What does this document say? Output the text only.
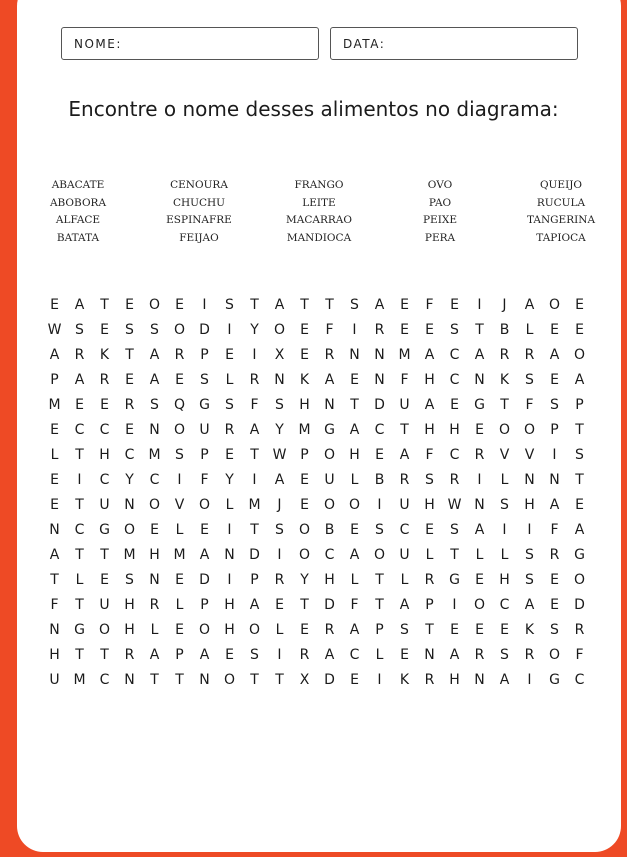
NOME:	DATA:
Encontre o nome desses alimentos no diagrama:
ABACATE
ABOBORA
ALFACE
BATATA
CENOURA
CHUCHU
ESPINAFRE
FEIJAO
FRANGO
LEITE
MACARRAO
MANDIOCA
OVO
PAO
PEIXE
PERA
QUEIJO
RUCULA
TANGERINA
TAPIOCA
E	A	T	E	O	E	I	S	T	A	T	T	S	A	E	F	E	I	J	A	O	E
W S	E	S	S	O	D	I	Y	O	E	F	I	R	E	E	S	T	B	L	E	E
A	R	K	T	A	R	P	E	I	X	E	R	N	N M	A	C	A	R	R	A	O
P	A	R	E	A	E	S	L	R	N	K	A	E	N	F	H	C	N	K	S	E	A
M	E	E	R	S	Q	G	S	F	S	H	N	T	D	U	A	E	G	T	F	S	P
E	C	C	E	N	O	U	R	A	Y	M G	A	C	T	H	H	E	O O	P	T
L	T	H	C	M	S	P	E	T W P	O	H	E	A	F	C	R	V	V	I	S
E	I	C	Y	C	I	F	Y	I	A	E	U	L	B	R	S	R	I	L	N	N	T
E	T	U	N	O	V	O	L	M	J	E	O O	I	U	H W N	S	H	A	E
N	C	G	O	E	L	E	I	T	S	O	B	E	S	C	E	S	A	I	I	F	A
A	T	T	M H M	A	N	D	I	O	C	A	O	U	L	T	L	L	S	R	G
T	L	E	S	N	E	D	I	P	R	Y	H	L	T	L	R	G	E	H	S	E	O
F	T	U	H	R	L	P	H	A	E	T	D	F	T	A	P	I	O	C	A	E	D
N	G	O	H	L	E	O	H	O	L	E	R	A	P	S	T	E	E	E	K	S	R
H	T	T	R	A	P	A	E	S	I	R	A	C	L	E	N	A	R	S	R	O	F
U M	C	N	T	T	N	O	T	T	X	D	E	I	K	R	H	N	A	I	G	C
